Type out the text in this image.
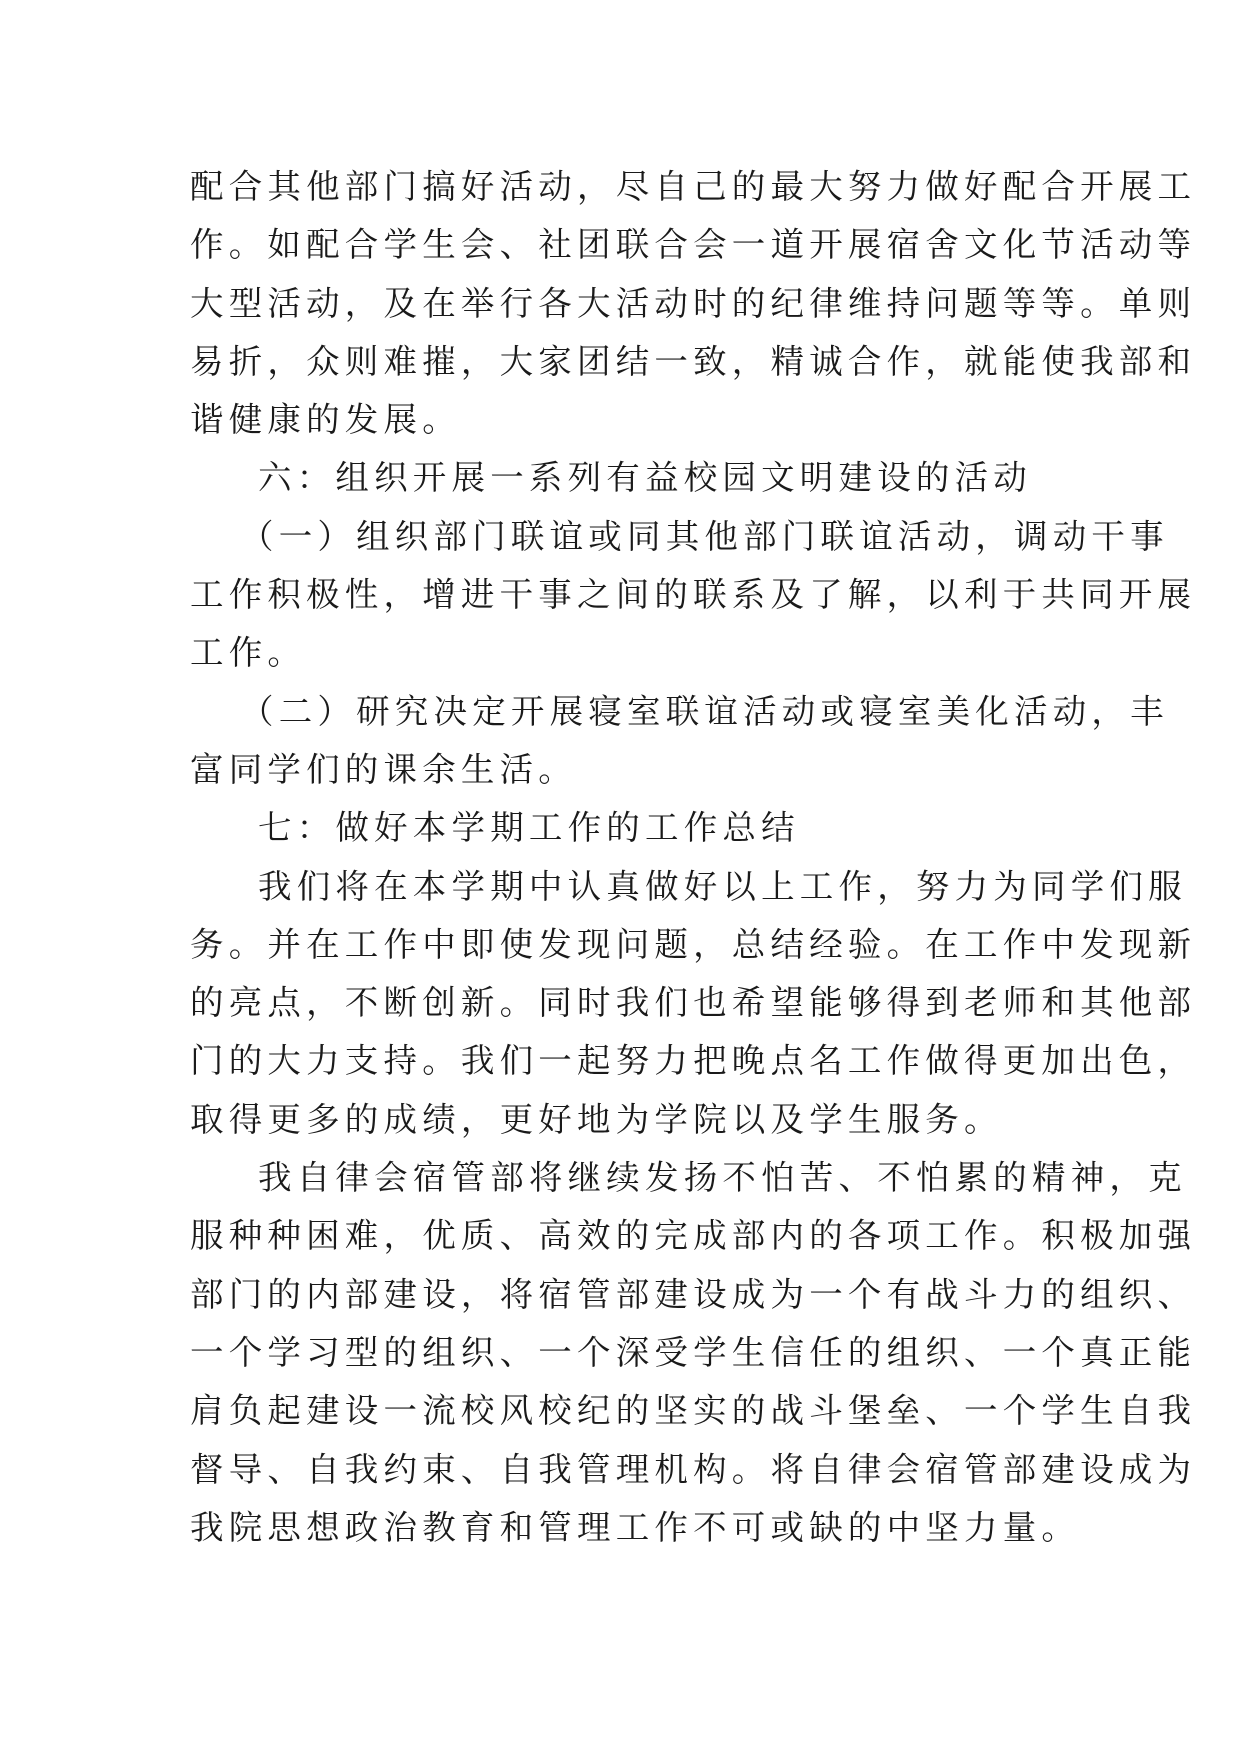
配合其他部门搞好活动，尽自己的最大努力做好配合开展工
作。如配合学生会、社团联合会一道开展宿舍文化节活动等
大型活动，及在举行各大活动时的纪律维持问题等等。单则
易折，众则难摧，大家团结一致，精诚合作，就能使我部和
谐健康的发展。
六：组织开展一系列有益校园文明建设的活动
（一）组织部门联谊或同其他部门联谊活动，调动干事
工作积极性，增进干事之间的联系及了解，以利于共同开展
工作。
（二）研究决定开展寝室联谊活动或寝室美化活动，丰
富同学们的课余生活。
七：做好本学期工作的工作总结
我们将在本学期中认真做好以上工作，努力为同学们服
务。并在工作中即使发现问题，总结经验。在工作中发现新
的亮点，不断创新。同时我们也希望能够得到老师和其他部
门的大力支持。我们一起努力把晚点名工作做得更加出色，
取得更多的成绩，更好地为学院以及学生服务。
我自律会宿管部将继续发扬不怕苦、不怕累的精神，克
服种种困难，优质、高效的完成部内的各项工作。积极加强
部门的内部建设，将宿管部建设成为一个有战斗力的组织、
一个学习型的组织、一个深受学生信任的组织、一个真正能
肩负起建设一流校风校纪的坚实的战斗堡垒、一个学生自我
督导、自我约束、自我管理机构。将自律会宿管部建设成为
我院思想政治教育和管理工作不可或缺的中坚力量。
